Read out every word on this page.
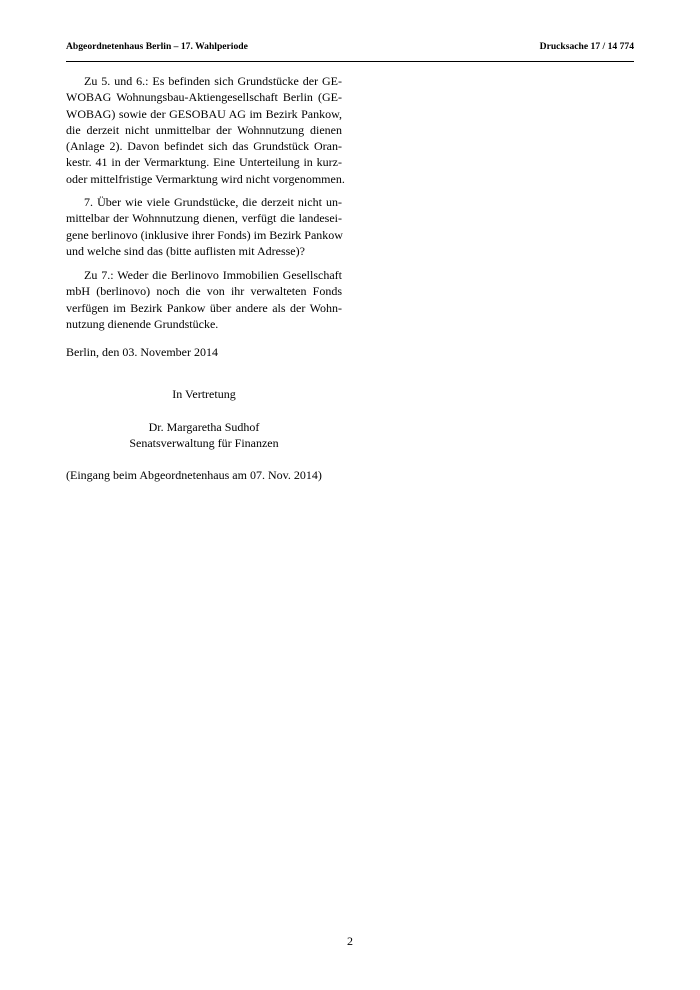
Abgeordnetenhaus Berlin – 17. Wahlperiode	Drucksache 17 / 14 774
Zu 5. und 6.: Es befinden sich Grundstücke der GE-
WOBAG Wohnungsbau-Aktiengesellschaft Berlin (GE-
WOBAG) sowie der GESOBAU AG im Bezirk Pankow,
die derzeit nicht unmittelbar der Wohnnutzung dienen
(Anlage 2). Davon befindet sich das Grundstück Oran-
kestr. 41 in der Vermarktung. Eine Unterteilung in kurz-
oder mittelfristige Vermarktung wird nicht vorgenommen.
7. Über wie viele Grundstücke, die derzeit nicht un-
mittelbar der Wohnnutzung dienen, verfügt die landesei-
gene berlinovo (inklusive ihrer Fonds) im Bezirk Pankow
und welche sind das (bitte auflisten mit Adresse)?
Zu 7.: Weder die Berlinovo Immobilien Gesellschaft
mbH (berlinovo) noch die von ihr verwalteten Fonds
verfügen im Bezirk Pankow über andere als der Wohn-
nutzung dienende Grundstücke.
Berlin, den 03. November 2014
In Vertretung
Dr. Margaretha Sudhof
Senatsverwaltung für Finanzen
(Eingang beim Abgeordnetenhaus am 07. Nov. 2014)
2
